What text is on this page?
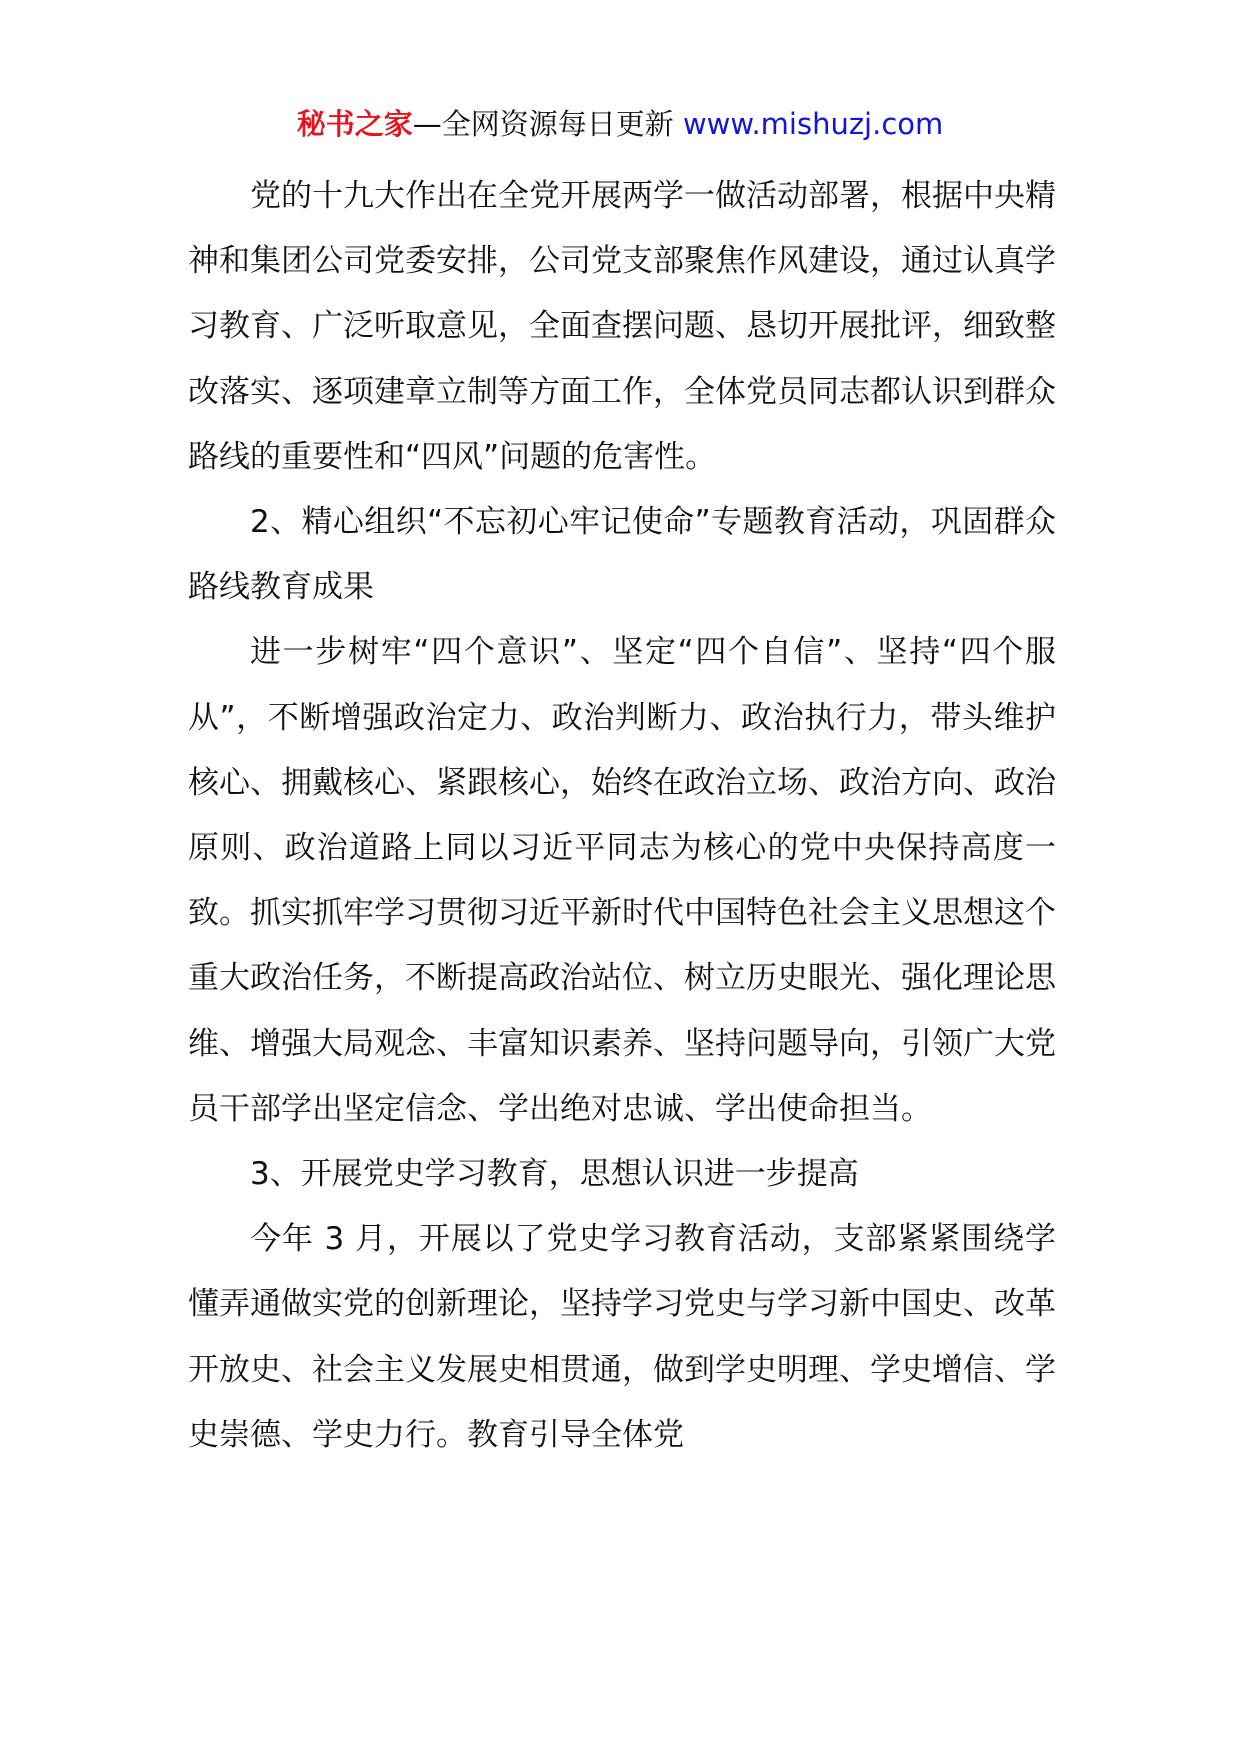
秘书之家—全网资源每日更新 www.mishuzj.com

党的十九大作出在全党开展两学一做活动部署，根据中央精神和集团公司党委安排，公司党支部聚焦作风建设，通过认真学习教育、广泛听取意见，全面查摆问题、恳切开展批评，细致整改落实、逐项建章立制等方面工作，全体党员同志都认识到群众路线的重要性和“四风”问题的危害性。

2、精心组织“不忘初心牢记使命”专题教育活动，巩固群众路线教育成果

进一步树牢“四个意识”、坚定“四个自信”、坚持“四个服从”，不断增强政治定力、政治判断力、政治执行力，带头维护核心、拥戴核心、紧跟核心，始终在政治立场、政治方向、政治原则、政治道路上同以习近平同志为核心的党中央保持高度一致。抓实抓牢学习贯彻习近平新时代中国特色社会主义思想这个重大政治任务，不断提高政治站位、树立历史眼光、强化理论思维、增强大局观念、丰富知识素养、坚持问题导向，引领广大党员干部学出坚定信念、学出绝对忠诚、学出使命担当。

3、开展党史学习教育，思想认识进一步提高

今年 3 月，开展以了党史学习教育活动，支部紧紧围绕学懂弄通做实党的创新理论，坚持学习党史与学习新中国史、改革开放史、社会主义发展史相贯通，做到学史明理、学史增信、学史崇德、学史力行。教育引导全体党
